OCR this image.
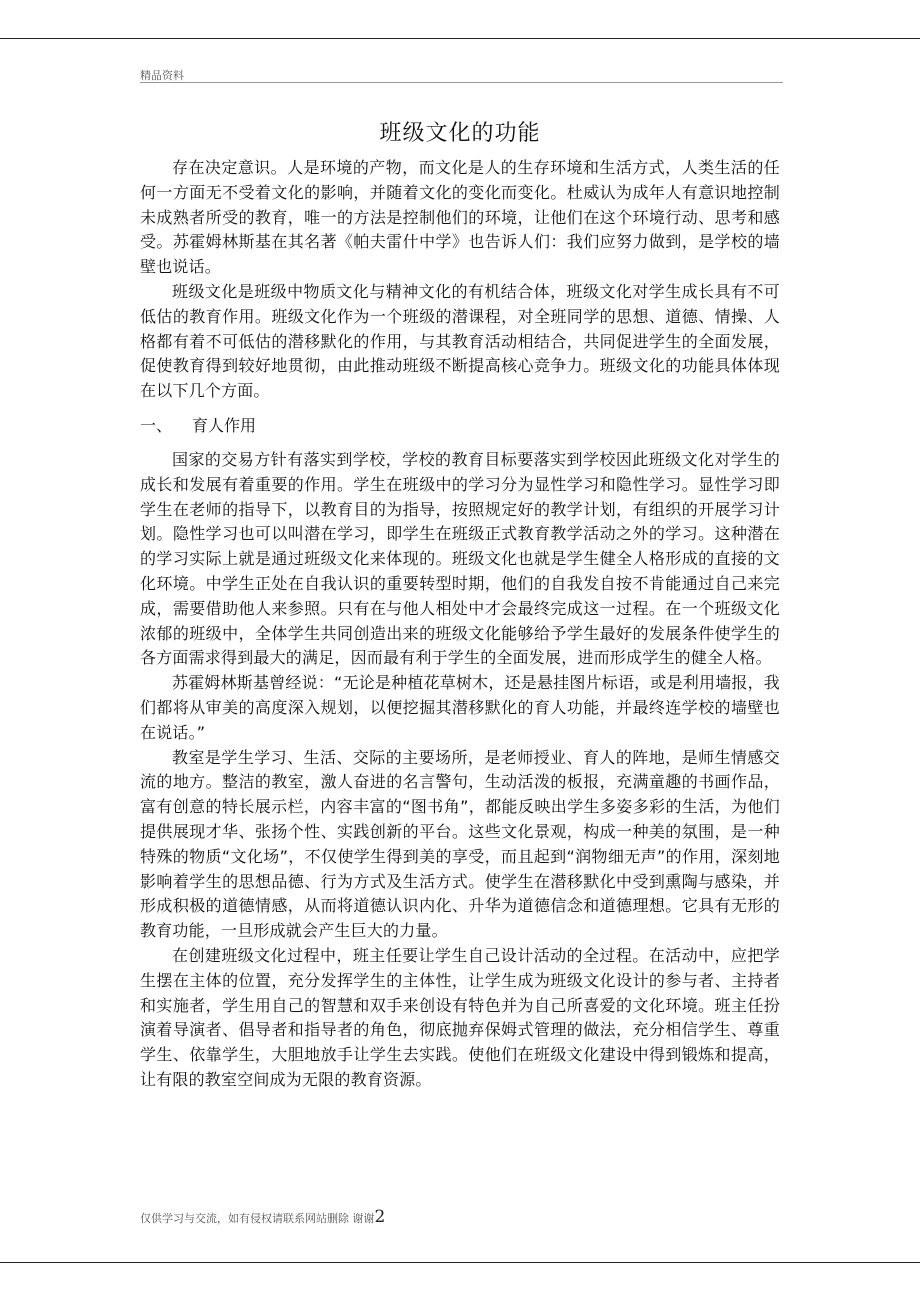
精品资料
班级文化的功能

存在决定意识。人是环境的产物，而文化是人的生存环境和生活方式，人类生活的任何一方面无不受着文化的影响，并随着文化的变化而变化。杜威认为成年人有意识地控制未成熟者所受的教育，唯一的方法是控制他们的环境，让他们在这个环境行动、思考和感受。苏霍姆林斯基在其名著《帕夫雷什中学》也告诉人们：我们应努力做到，是学校的墙壁也说话。

班级文化是班级中物质文化与精神文化的有机结合体，班级文化对学生成长具有不可低估的教育作用。班级文化作为一个班级的潜课程，对全班同学的思想、道德、情操、人格都有着不可低估的潜移默化的作用，与其教育活动相结合，共同促进学生的全面发展，促使教育得到较好地贯彻，由此推动班级不断提高核心竞争力。班级文化的功能具体体现在以下几个方面。

一、	育人作用

国家的交易方针有落实到学校，学校的教育目标要落实到学校因此班级文化对学生的成长和发展有着重要的作用。学生在班级中的学习分为显性学习和隐性学习。显性学习即学生在老师的指导下，以教育目的为指导，按照规定好的教学计划，有组织的开展学习计划。隐性学习也可以叫潜在学习，即学生在班级正式教育教学活动之外的学习。这种潜在的学习实际上就是通过班级文化来体现的。班级文化也就是学生健全人格形成的直接的文化环境。中学生正处在自我认识的重要转型时期，他们的自我发自按不肯能通过自己来完成，需要借助他人来参照。只有在与他人相处中才会最终完成这一过程。在一个班级文化浓郁的班级中，全体学生共同创造出来的班级文化能够给予学生最好的发展条件使学生的各方面需求得到最大的满足，因而最有利于学生的全面发展，进而形成学生的健全人格。

苏霍姆林斯基曾经说：“无论是种植花草树木，还是悬挂图片标语，或是利用墙报，我们都将从审美的高度深入规划，以便挖掘其潜移默化的育人功能，并最终连学校的墙壁也在说话。”

教室是学生学习、生活、交际的主要场所，是老师授业、育人的阵地，是师生情感交流的地方。整洁的教室，激人奋进的名言警句，生动活泼的板报，充满童趣的书画作品，富有创意的特长展示栏，内容丰富的“图书角”，都能反映出学生多姿多彩的生活，为他们提供展现才华、张扬个性、实践创新的平台。这些文化景观，构成一种美的氛围，是一种特殊的物质“文化场”，不仅使学生得到美的享受，而且起到“润物细无声”的作用，深刻地影响着学生的思想品德、行为方式及生活方式。使学生在潜移默化中受到熏陶与感染，并形成积极的道德情感，从而将道德认识内化、升华为道德信念和道德理想。它具有无形的教育功能，一旦形成就会产生巨大的力量。

在创建班级文化过程中，班主任要让学生自己设计活动的全过程。在活动中，应把学生摆在主体的位置，充分发挥学生的主体性，让学生成为班级文化设计的参与者、主持者和实施者，学生用自己的智慧和双手来创设有特色并为自己所喜爱的文化环境。班主任扮演着导演者、倡导者和指导者的角色，彻底抛弃保姆式管理的做法，充分相信学生、尊重学生、依靠学生，大胆地放手让学生去实践。使他们在班级文化建设中得到锻炼和提高，让有限的教室空间成为无限的教育资源。

仅供学习与交流，如有侵权请联系网站删除 谢谢2
